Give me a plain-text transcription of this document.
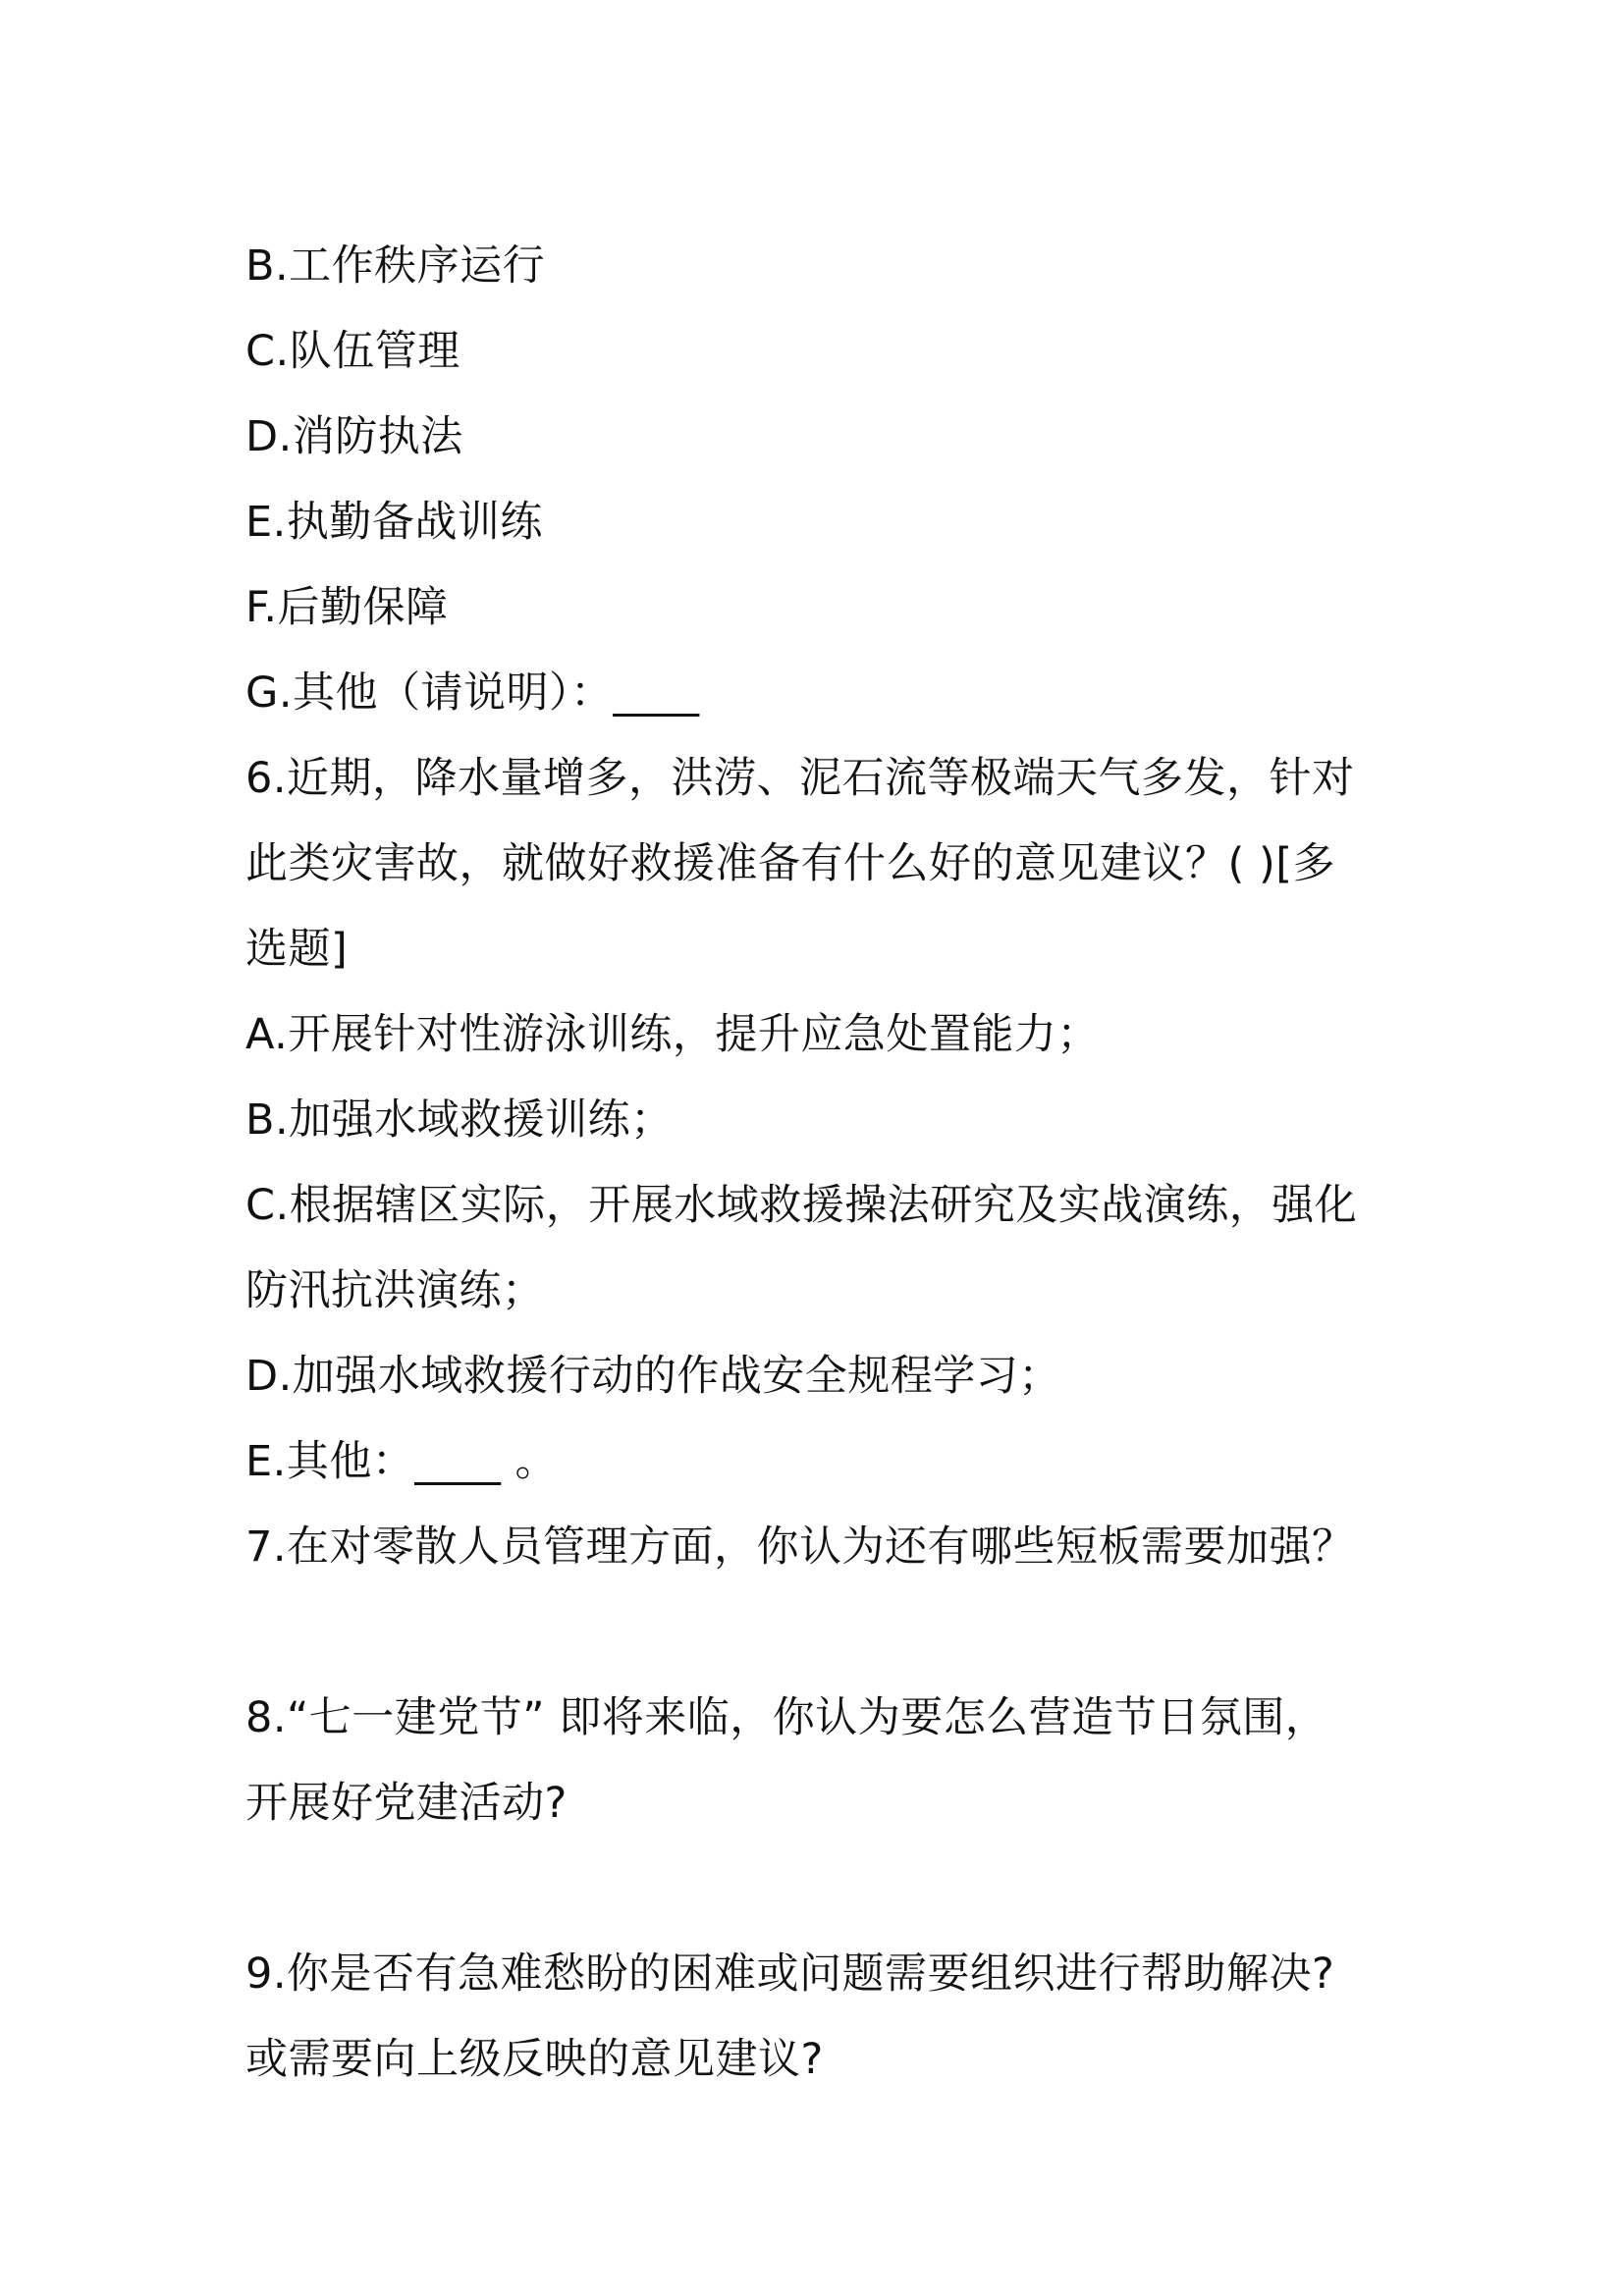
B.工作秩序运行
C.队伍管理
D.消防执法
E.执勤备战训练
F.后勤保障
G.其他（请说明）：____
6.近期，降水量增多，洪涝、泥石流等极端天气多发，针对
此类灾害故，就做好救援准备有什么好的意见建议？( )[多
选题]
A.开展针对性游泳训练，提升应急处置能力；
B.加强水域救援训练；
C.根据辖区实际，开展水域救援操法研究及实战演练，强化
防汛抗洪演练；
D.加强水域救援行动的作战安全规程学习；
E.其他：____ 。
7.在对零散人员管理方面，你认为还有哪些短板需要加强？
8.“七一建党节” 即将来临，你认为要怎么营造节日氛围，
开展好党建活动?
9.你是否有急难愁盼的困难或问题需要组织进行帮助解决?
或需要向上级反映的意见建议?
